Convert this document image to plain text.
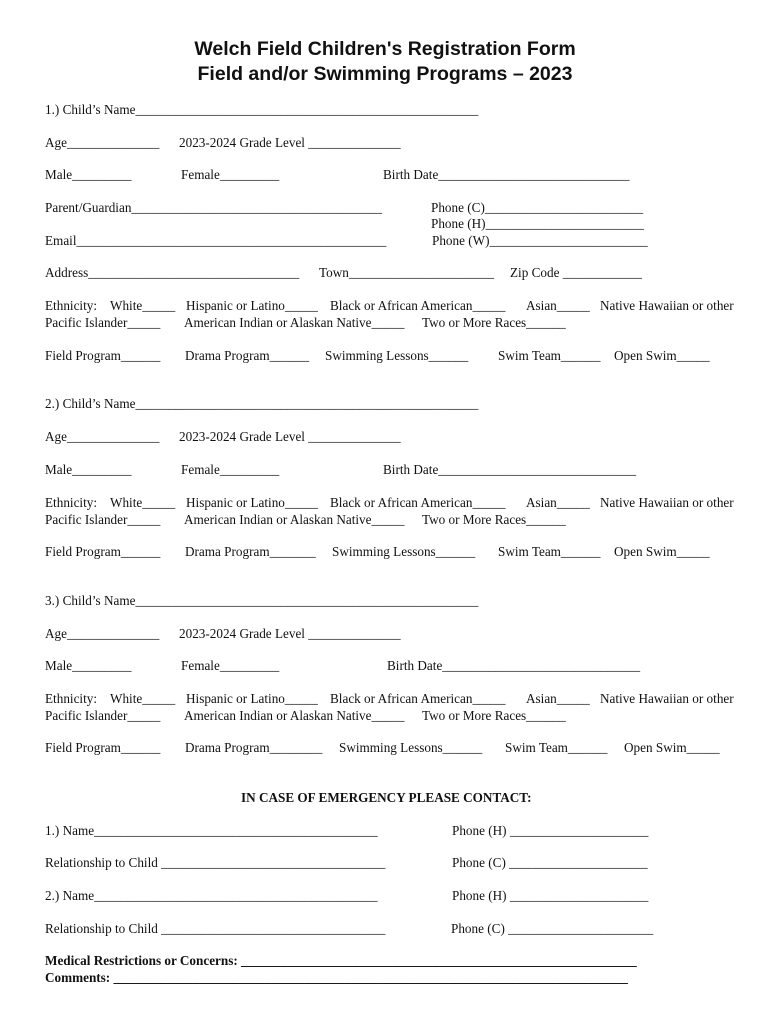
Welch Field Children's Registration Form
Field and/or Swimming Programs – 2023
1.) Child’s Name____________________________________________________
Age______________ 2023-2024 Grade Level ______________
Male_________	Female_________	Birth Date_____________________________
Parent/Guardian______________________________________	Phone (C)________________________
Phone (H)________________________
Email_______________________________________________	Phone (W)________________________
Address________________________________ Town______________________ Zip Code ____________
Ethnicity: White_____ Hispanic or Latino_____ Black or African American_____ Asian_____ Native Hawaiian or other
Pacific Islander_____ American Indian or Alaskan Native_____ Two or More Races______
Field Program______ Drama Program______ Swimming Lessons______ Swim Team______ Open Swim_____
2.) Child’s Name____________________________________________________
Age______________ 2023-2024 Grade Level ______________
Male_________	Female_________	Birth Date______________________________
Ethnicity: White_____ Hispanic or Latino_____ Black or African American_____ Asian_____ Native Hawaiian or other
Pacific Islander_____ American Indian or Alaskan Native_____ Two or More Races______
Field Program______ Drama Program_______ Swimming Lessons______ Swim Team______ Open Swim_____
3.) Child’s Name____________________________________________________
Age______________ 2023-2024 Grade Level ______________
Male_________	Female_________	Birth Date______________________________
Ethnicity: White_____ Hispanic or Latino_____ Black or African American_____ Asian_____ Native Hawaiian or other
Pacific Islander_____ American Indian or Alaskan Native_____ Two or More Races______
Field Program______ Drama Program________ Swimming Lessons______ Swim Team______ Open Swim_____
IN CASE OF EMERGENCY PLEASE CONTACT:
1.) Name___________________________________________	Phone (H) _____________________
Relationship to Child __________________________________	Phone (C) _____________________
2.) Name___________________________________________	Phone (H) _____________________
Relationship to Child __________________________________	Phone (C) ______________________
Medical Restrictions or Concerns: ____________________________________________________________
Comments: ______________________________________________________________________________
